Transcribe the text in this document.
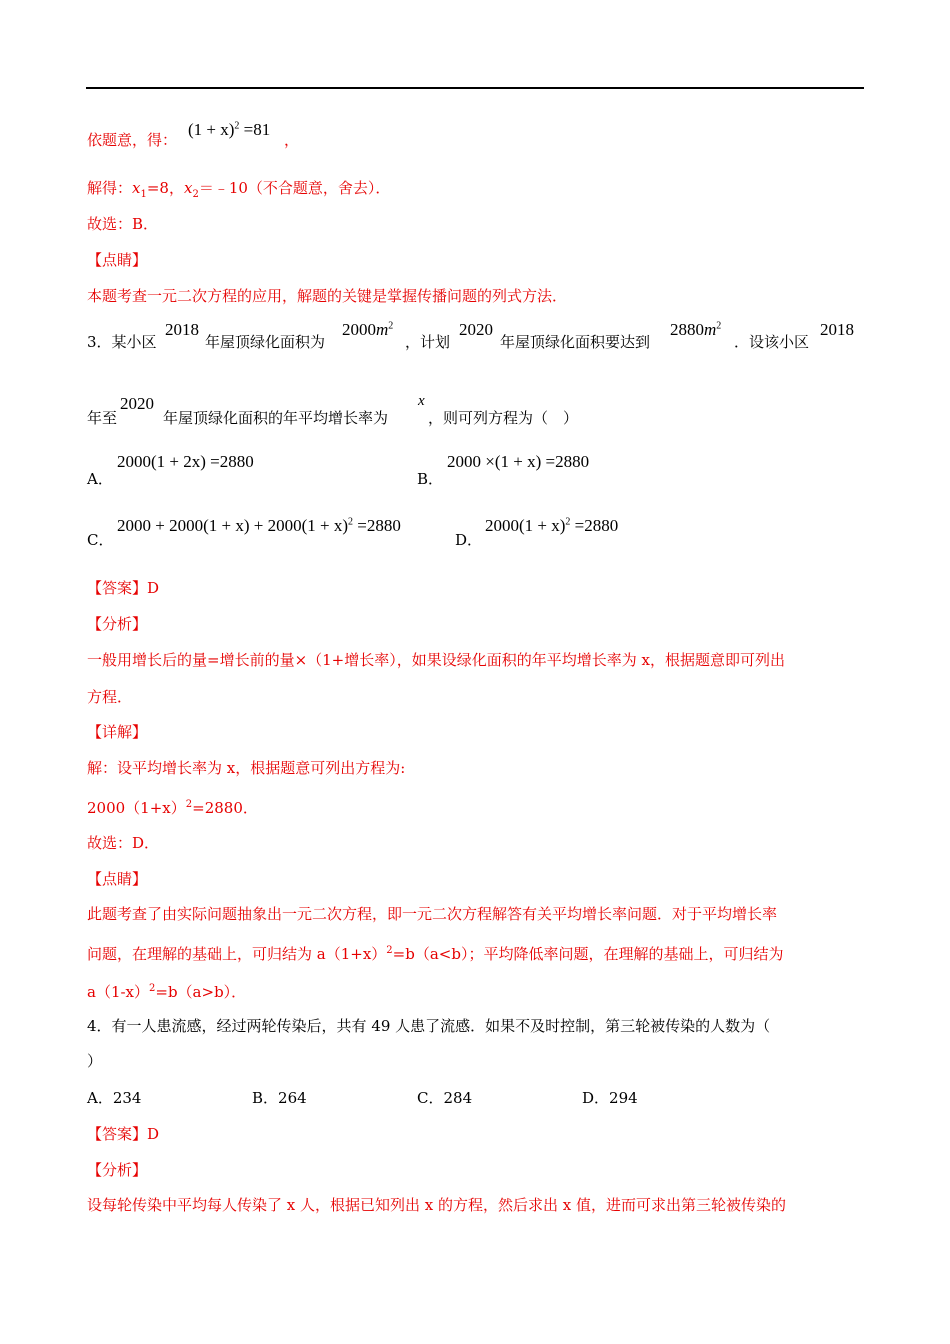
依题意，得：
$(1 + x)^2 =81$
，
解得：$x_1=8$，$x_2=﹣10$（不合题意，舍去）．
故选：B．
【点睛】
本题考查一元二次方程的应用，解题的关键是掌握传播问题的列式方法．
3．某小区
2018
年屋顶绿化面积为
$2000m^2$
，计划
2020
年屋顶绿化面积要达到
$2880m^2$
．设该小区
2018
年至
2020
年屋顶绿化面积的年平均增长率为
x
，则可列方程为（　）
A．
2000(1 + 2x) =2880
B．
2000 ×(1 + x) =2880
C．
$2000 + 2000(1 + x) + 2000(1 + x)^2 =2880$
D．
$2000(1 + x)^2 =2880$
【答案】D
【分析】
一般用增长后的量=增长前的量×（1+增长率），如果设绿化面积的年平均增长率为 x，根据题意即可列出
方程．
【详解】
解：设平均增长率为 x，根据题意可列出方程为:
$2000(1+x)^2=2880$．
故选：D．
【点睛】
此题考查了由实际问题抽象出一元二次方程，即一元二次方程解答有关平均增长率问题．对于平均增长率
问题，在理解的基础上，可归结为 $a(1+x)^2=b(a<b)$；平均降低率问题，在理解的基础上，可归结为
$a(1-x)^2=b(a>b)$．
4．有一人患流感，经过两轮传染后，共有 49 人患了流感．如果不及时控制，第三轮被传染的人数为（
）
A．234	B．264	C．284	D．294
【答案】D
【分析】
设每轮传染中平均每人传染了 x 人，根据已知列出 x 的方程，然后求出 x 值，进而可求出第三轮被传染的
